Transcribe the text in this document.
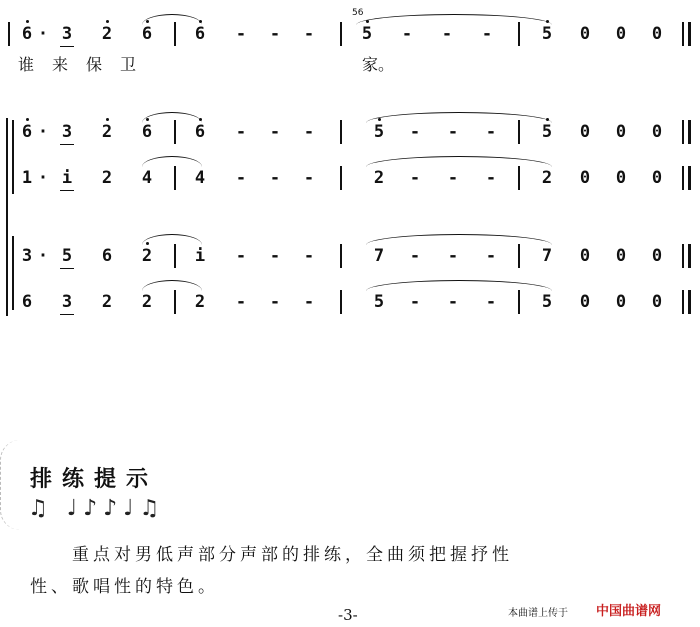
6 · 3 2 6	6 - - -
56
5 - - -	5 0 0 0
谁 来 保 卫	家。
6 · 3 2 6	6 - - -	5 - - -	5 0 0 0
1 · i 2 4	4 - - -	2 - - -	2 0 0 0
3 · 5 6 2	i - - -	7 - - -	7 0 0 0
6 3 2 2	2 - - -	5 - - -	5 0 0 0
排练提示
♫ ♩♪♪♩♫
重点对男低声部分声部的排练，全曲须把握抒性
性、歌唱性的特色。
-3-	本曲谱上传于 中国曲谱网
